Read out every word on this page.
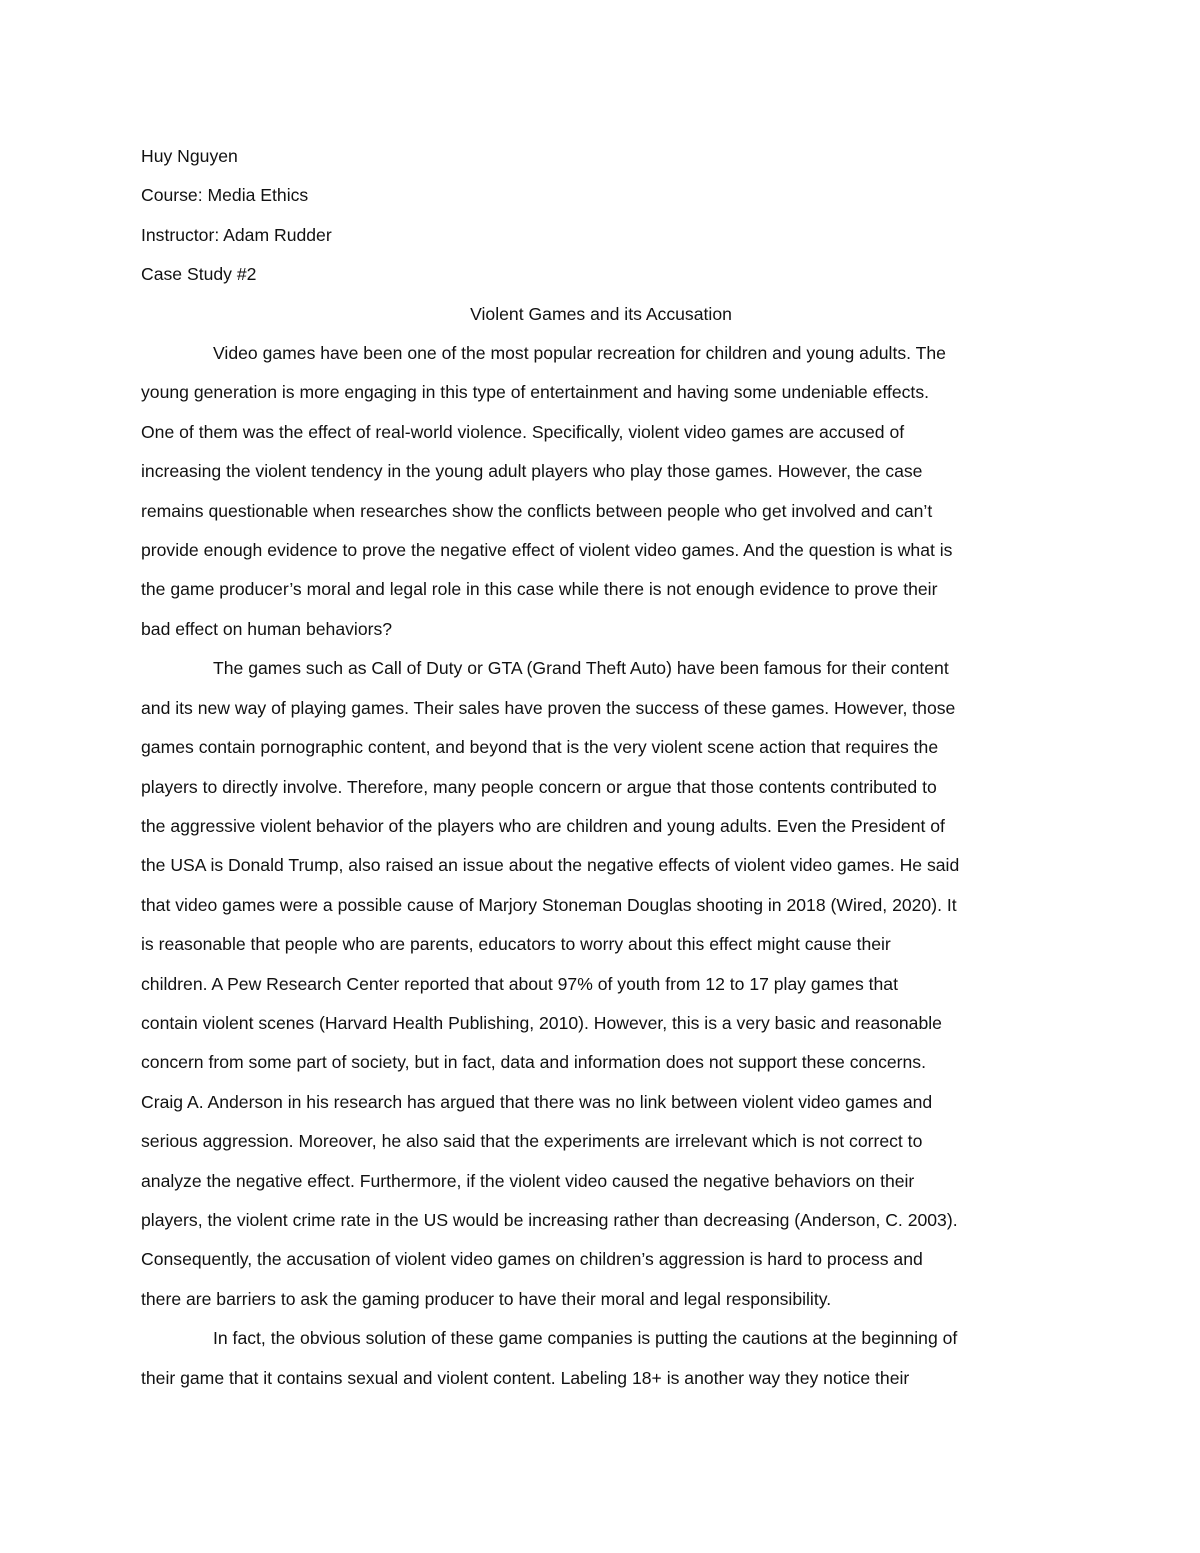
Huy Nguyen

Course: Media Ethics

Instructor: Adam Rudder

Case Study #2

Violent Games and its Accusation

Video games have been one of the most popular recreation for children and young adults. The
young generation is more engaging in this type of entertainment and having some undeniable effects.
One of them was the effect of real-world violence. Specifically, violent video games are accused of
increasing the violent tendency in the young adult players who play those games. However, the case
remains questionable when researches show the conflicts between people who get involved and can’t
provide enough evidence to prove the negative effect of violent video games. And the question is what is
the game producer’s moral and legal role in this case while there is not enough evidence to prove their
bad effect on human behaviors?

The games such as Call of Duty or GTA (Grand Theft Auto) have been famous for their content
and its new way of playing games. Their sales have proven the success of these games. However, those
games contain pornographic content, and beyond that is the very violent scene action that requires the
players to directly involve. Therefore, many people concern or argue that those contents contributed to
the aggressive violent behavior of the players who are children and young adults. Even the President of
the USA is Donald Trump, also raised an issue about the negative effects of violent video games. He said
that video games were a possible cause of Marjory Stoneman Douglas shooting in 2018 (Wired, 2020). It
is reasonable that people who are parents, educators to worry about this effect might cause their
children. A Pew Research Center reported that about 97% of youth from 12 to 17 play games that
contain violent scenes (Harvard Health Publishing, 2010). However, this is a very basic and reasonable
concern from some part of society, but in fact, data and information does not support these concerns.
Craig A. Anderson in his research has argued that there was no link between violent video games and
serious aggression. Moreover, he also said that the experiments are irrelevant which is not correct to
analyze the negative effect. Furthermore, if the violent video caused the negative behaviors on their
players, the violent crime rate in the US would be increasing rather than decreasing (Anderson, C. 2003).
Consequently, the accusation of violent video games on children’s aggression is hard to process and
there are barriers to ask the gaming producer to have their moral and legal responsibility.

In fact, the obvious solution of these game companies is putting the cautions at the beginning of
their game that it contains sexual and violent content. Labeling 18+ is another way they notice their
